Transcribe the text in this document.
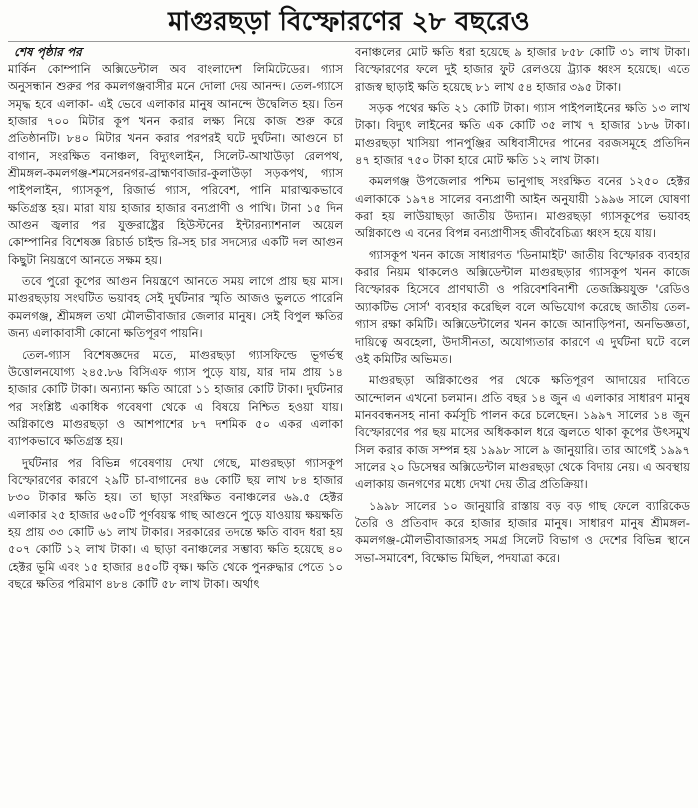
মাগুরছড়া বিস্ফোরণের ২৮ বছরেও
শেষ পৃষ্ঠার পর

মার্কিন কোম্পানি অক্সিডেন্টাল অব বাংলাদেশ লিমিটেডের। গ্যাস অনুসন্ধান শুরুর পর কমলগঞ্জবাসীর মনে দোলা দেয় আনন্দ। তেল-গ্যাসে সমৃদ্ধ হবে এলাকা- এই ভেবে এলাকার মানুষ আনন্দে উদ্বেলিত হয়। তিন হাজার ৭০০ মিটার কূপ খনন করার লক্ষ্য নিয়ে কাজ শুরু করে প্রতিষ্ঠানটি। ৮৪০ মিটার খনন করার পরপরই ঘটে দুর্ঘটনা। আগুনে চা বাগান, সংরক্ষিত বনাঞ্চল, বিদ্যুৎলাইন, সিলেট-আখাউড়া রেলপথ, শ্রীমঙ্গল-কমলগঞ্জ-শমসেরনগর-ব্রাহ্মণবাজার-কুলাউড়া সড়কপথ, গ্যাস পাইপলাইন, গ্যাসকূপ, রিজার্ভ গ্যাস, পরিবেশ, পানি মারাত্মকভাবে ক্ষতিগ্রস্ত হয়। মারা যায় হাজার হাজার বন্যপ্রাণী ও পাখি। টানা ১৫ দিন আগুন জ্বলার পর যুক্তরাষ্ট্রের হিউস্টনের ইন্টারন্যাশনাল অয়েল কোম্পানির বিশেষজ্ঞ রিচার্ড চাইল্ড রি-সহ চার সদস্যের একটি দল আগুন কিছুটা নিয়ন্ত্রণে আনতে সক্ষম হয়।

তবে পুরো কূপের আগুন নিয়ন্ত্রণে আনতে সময় লাগে প্রায় ছয় মাস। মাগুরছড়ায় সংঘটিত ভয়াবহ সেই দুর্ঘটনার স্মৃতি আজও ভুলতে পারেনি কমলগঞ্জ, শ্রীমঙ্গল তথা মৌলভীবাজার জেলার মানুষ। সেই বিপুল ক্ষতির জন্য এলাকাবাসী কোনো ক্ষতিপূরণ পায়নি।

তেল-গ্যাস বিশেষজ্ঞদের মতে, মাগুরছড়া গ্যাসফিল্ডে ভূগর্ভস্থ উত্তোলনযোগ্য ২৪৫.৮৬ বিসিএফ গ্যাস পুড়ে যায়, যার দাম প্রায় ১৪ হাজার কোটি টাকা। অন্যান্য ক্ষতি আরো ১১ হাজার কোটি টাকা। দুর্ঘটনার পর সংশ্লিষ্ট একাধিক গবেষণা থেকে এ বিষয়ে নিশ্চিত হওয়া যায়। অগ্নিকাণ্ডে মাগুরছড়া ও আশপাশের ৮৭ দশমিক ৫০ একর এলাকা ব্যাপকভাবে ক্ষতিগ্রস্ত হয়।

দুর্ঘটনার পর বিভিন্ন গবেষণায় দেখা গেছে, মাগুরছড়া গ্যাসকূপ বিস্ফোরণের কারণে ২৯টি চা-বাগানের ৪৬ কোটি ছয় লাখ ৮৪ হাজার ৮৩০ টাকার ক্ষতি হয়। তা ছাড়া সংরক্ষিত বনাঞ্চলের ৬৯.৫ হেক্টর এলাকার ২৫ হাজার ৬৫০টি পূর্ণবয়স্ক গাছ আগুনে পুড়ে যাওয়ায় ক্ষয়ক্ষতি হয় প্রায় ৩৩ কোটি ৬১ লাখ টাকার। সরকারের তদন্তে ক্ষতি বাবদ ধরা হয় ৫০৭ কোটি ১২ লাখ টাকা। এ ছাড়া বনাঞ্চলের সম্ভাব্য ক্ষতি হয়েছে ৪০ হেক্টর ভূমি এবং ১৫ হাজার ৪৫০টি বৃক্ষ। ক্ষতি থেকে পুনরুদ্ধার পেতে ১০ বছরে ক্ষতির পরিমাণ ৪৮৪ কোটি ৫৮ লাখ টাকা। অর্থাৎ

বনাঞ্চলের মোট ক্ষতি ধরা হয়েছে ৯ হাজার ৮৫৮ কোটি ৩১ লাখ টাকা। বিস্ফোরণের ফলে দুই হাজার ফুট রেলওয়ে ট্র্যাক ধ্বংস হয়েছে। এতে রাজস্ব ছাড়াই ক্ষতি হয়েছে ৮১ লাখ ৫৪ হাজার ৩৯৫ টাকা।

সড়ক পথের ক্ষতি ২১ কোটি টাকা। গ্যাস পাইপলাইনের ক্ষতি ১৩ লাখ টাকা। বিদ্যুৎ লাইনের ক্ষতি এক কোটি ৩৫ লাখ ৭ হাজার ১৮৬ টাকা। মাগুরছড়া খাসিয়া পানপুঞ্জির অধিবাসীদের পানের বরজসমূহে প্রতিদিন ৪৭ হাজার ৭৫০ টাকা হারে মোট ক্ষতি ১২ লাখ টাকা।

কমলগঞ্জ উপজেলার পশ্চিম ভানুগাছ সংরক্ষিত বনের ১২৫০ হেক্টর এলাকাকে ১৯৭৪ সালের বন্যপ্রাণী আইন অনুযায়ী ১৯৯৬ সালে ঘোষণা করা হয় লাউয়াছড়া জাতীয় উদ্যান। মাগুরছড়া গ্যাসকূপের ভয়াবহ অগ্নিকাণ্ডে এ বনের বিপন্ন বন্যপ্রাণীসহ জীববৈচিত্র্য ধ্বংস হয়ে যায়।

গ্যাসকূপ খনন কাজে সাধারণত 'ডিনামাইট' জাতীয় বিস্ফোরক ব্যবহার করার নিয়ম থাকলেও অক্সিডেন্টাল মাগুরছড়ার গ্যাসকূপ খনন কাজে বিস্ফোরক হিসেবে প্রাণঘাতী ও পরিবেশবিনাশী তেজস্ক্রিয়যুক্ত 'রেডিও অ্যাকটিভ সোর্স' ব্যবহার করেছিল বলে অভিযোগ করেছে জাতীয় তেল-গ্যাস রক্ষা কমিটি। অক্সিডেন্টালের খনন কাজে আনাড়িপনা, অনভিজ্ঞতা, দায়িত্বে অবহেলা, উদাসীনতা, অযোগ্যতার কারণে এ দুর্ঘটনা ঘটে বলে ওই কমিটির অভিমত।

মাগুরছড়া অগ্নিকাণ্ডের পর থেকে ক্ষতিপূরণ আদায়ের দাবিতে আন্দোলন এখনো চলমান। প্রতি বছর ১৪ জুন এ এলাকার সাধারণ মানুষ মানববন্ধনসহ নানা কর্মসূচি পালন করে চলেছেন। ১৯৯৭ সালের ১৪ জুন বিস্ফোরণের পর ছয় মাসের অধিককাল ধরে জ্বলতে থাকা কূপের উৎসমুখ সিল করার কাজ সম্পন্ন হয় ১৯৯৮ সালে ৯ জানুয়ারি। তার আগেই ১৯৯৭ সালের ২০ ডিসেম্বর অক্সিডেন্টাল মাগুরছড়া থেকে বিদায় নেয়। এ অবস্থায় এলাকায় জনগণের মধ্যে দেখা দেয় তীব্র প্রতিক্রিয়া।

১৯৯৮ সালের ১০ জানুয়ারি রাস্তায় বড় বড় গাছ ফেলে ব্যারিকেড তৈরি ও প্রতিবাদ করে হাজার হাজার মানুষ। সাধারণ মানুষ শ্রীমঙ্গল-কমলগঞ্জ-মৌলভীবাজারসহ সমগ্র সিলেট বিভাগ ও দেশের বিভিন্ন স্থানে সভা-সমাবেশ, বিক্ষোভ মিছিল, পদযাত্রা করে।
